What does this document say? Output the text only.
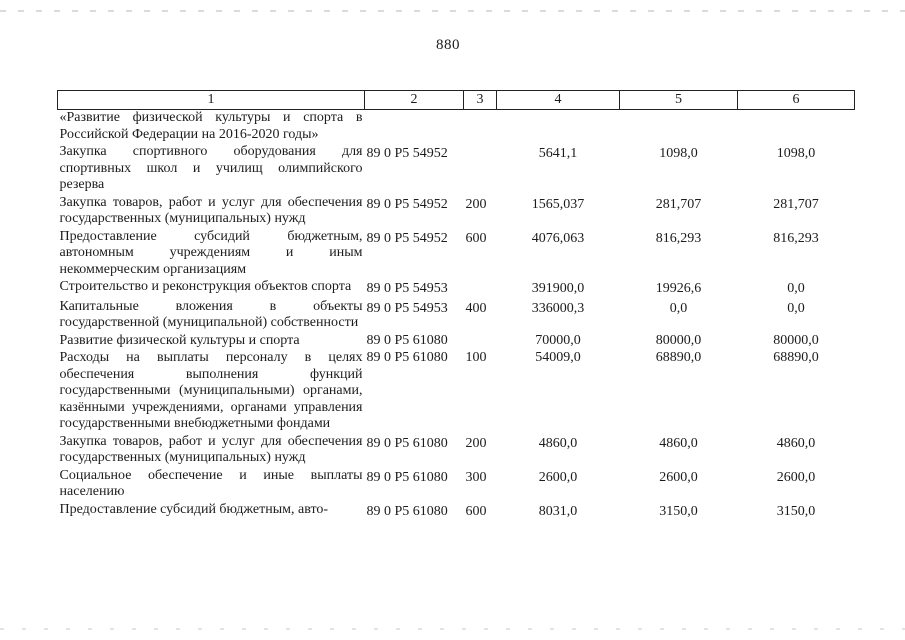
880
1	2	3	4	5	6
«Развитие физической культуры и спорта в Российской Федерации на 2016-2020 годы»					
Закупка спортивного оборудования для спортивных школ и училищ олимпийского резерва	89 0 P5 54952		5641,1	1098,0	1098,0
Закупка товаров, работ и услуг для обеспечения государственных (муниципальных) нужд	89 0 P5 54952	200	1565,037	281,707	281,707
Предоставление субсидий бюджетным, автономным учреждениям и иным некоммерческим организациям	89 0 P5 54952	600	4076,063	816,293	816,293
Строительство и реконструкция объектов спорта	89 0 P5 54953		391900,0	19926,6	0,0
Капитальные вложения в объекты государственной (муниципальной) собственности	89 0 P5 54953	400	336000,3	0,0	0,0
Развитие физической культуры и спорта	89 0 P5 61080		70000,0	80000,0	80000,0
Расходы на выплаты персоналу в целях обеспечения выполнения функций государственными (муниципальными) органами, казёнными учреждениями, органами управления государственными внебюджетными фондами	89 0 P5 61080	100	54009,0	68890,0	68890,0
Закупка товаров, работ и услуг для обеспечения государственных (муниципальных) нужд	89 0 P5 61080	200	4860,0	4860,0	4860,0
Социальное обеспечение и иные выплаты населению	89 0 P5 61080	300	2600,0	2600,0	2600,0
Предоставление субсидий бюджетным, авто-	89 0 P5 61080	600	8031,0	3150,0	3150,0
